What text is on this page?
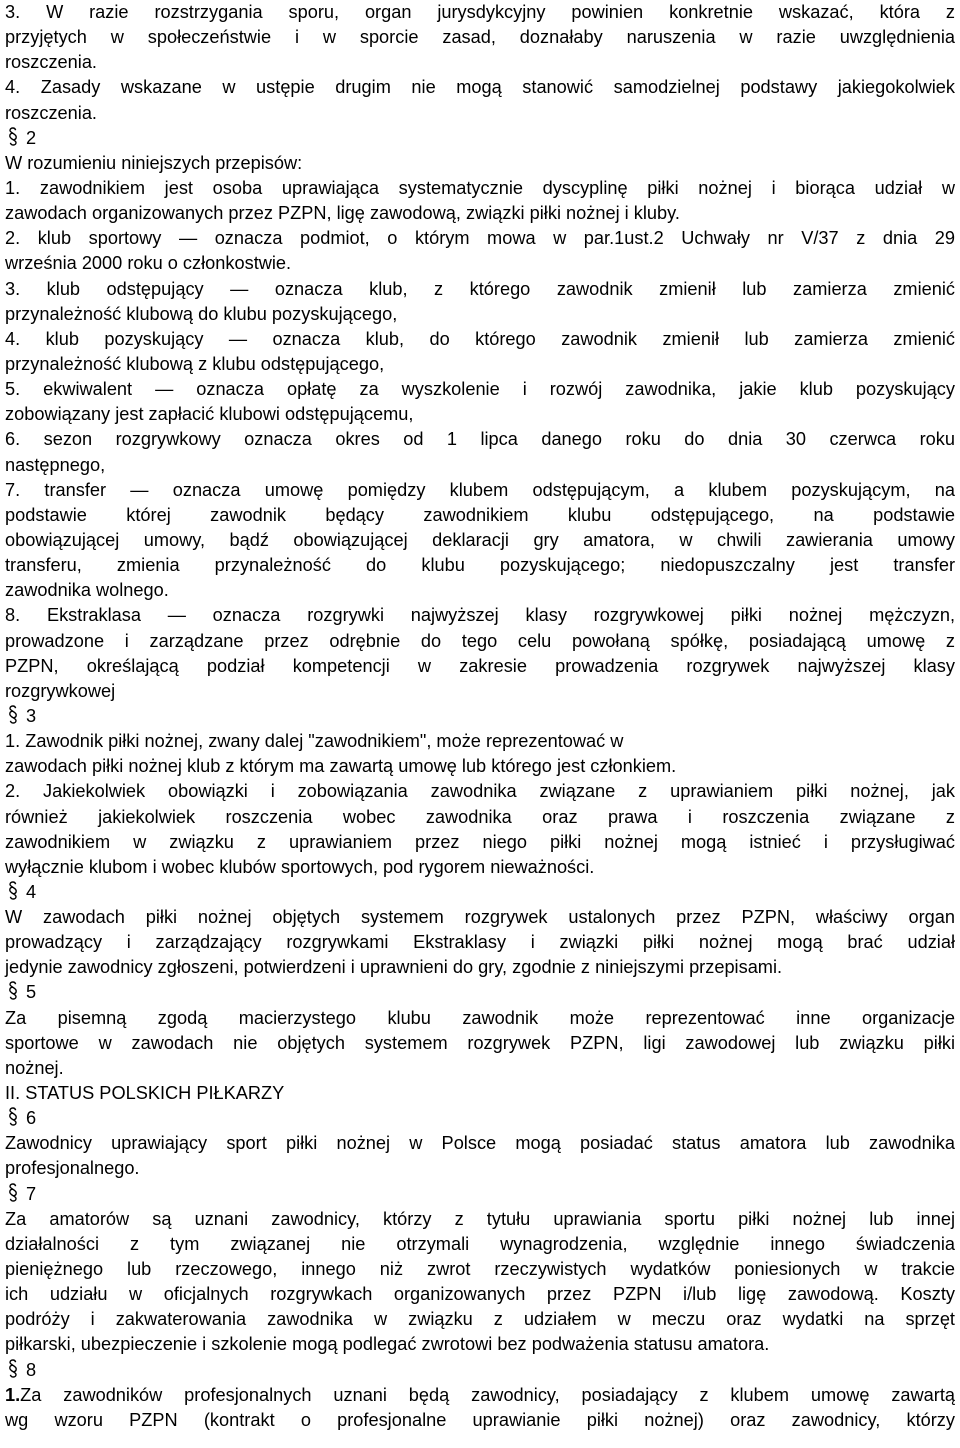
3. W razie rozstrzygania sporu, organ jurysdykcyjny powinien konkretnie wskazać, która z
przyjętych w społeczeństwie i w sporcie zasad, doznałaby naruszenia w razie uwzględnienia
roszczenia.
4. Zasady wskazane w ustępie drugim nie mogą stanowić samodzielnej podstawy jakiegokolwiek
roszczenia.
2
W rozumieniu niniejszych przepisów:
1. zawodnikiem jest osoba uprawiająca systematycznie dyscyplinę piłki nożnej i biorąca udział w
zawodach organizowanych przez PZPN, ligę zawodową, związki piłki nożnej i kluby.
2. klub sportowy — oznacza podmiot, o którym mowa w par.1ust.2 Uchwały nr V/37 z dnia 29
września 2000 roku o członkostwie.
3. klub odstępujący — oznacza klub, z którego zawodnik zmienił lub zamierza zmienić
przynależność klubową do klubu pozyskującego,
4. klub pozyskujący — oznacza klub, do którego zawodnik zmienił lub zamierza zmienić
przynależność klubową z klubu odstępującego,
5. ekwiwalent — oznacza opłatę za wyszkolenie i rozwój zawodnika, jakie klub pozyskujący
zobowiązany jest zapłacić klubowi odstępującemu,
6. sezon rozgrywkowy oznacza okres od 1 lipca danego roku do dnia 30 czerwca roku
następnego,
7. transfer — oznacza umowę pomiędzy klubem odstępującym, a klubem pozyskującym, na
podstawie której zawodnik będący zawodnikiem klubu odstępującego, na podstawie
obowiązującej umowy, bądź obowiązującej deklaracji gry amatora, w chwili zawierania umowy
transferu, zmienia przynależność do klubu pozyskującego; niedopuszczalny jest transfer
zawodnika wolnego.
8. Ekstraklasa — oznacza rozgrywki najwyższej klasy rozgrywkowej piłki nożnej mężczyzn,
prowadzone i zarządzane przez odrębnie do tego celu powołaną spółkę, posiadającą umowę z
PZPN, określającą podział kompetencji w zakresie prowadzenia rozgrywek najwyższej klasy
rozgrywkowej
3
1. Zawodnik piłki nożnej, zwany dalej "zawodnikiem", może reprezentować w
zawodach piłki nożnej klub z którym ma zawartą umowę lub którego jest członkiem.
2. Jakiekolwiek obowiązki i zobowiązania zawodnika związane z uprawianiem piłki nożnej, jak
również jakiekolwiek roszczenia wobec zawodnika oraz prawa i roszczenia związane z
zawodnikiem w związku z uprawianiem przez niego piłki nożnej mogą istnieć i przysługiwać
wyłącznie klubom i wobec klubów sportowych, pod rygorem nieważności.
4
W zawodach piłki nożnej objętych systemem rozgrywek ustalonych przez PZPN, właściwy organ
prowadzący i zarządzający rozgrywkami Ekstraklasy i związki piłki nożnej mogą brać udział
jedynie zawodnicy zgłoszeni, potwierdzeni i uprawnieni do gry, zgodnie z niniejszymi przepisami.
5
Za pisemną zgodą macierzystego klubu zawodnik może reprezentować inne organizacje
sportowe w zawodach nie objętych systemem rozgrywek PZPN, ligi zawodowej lub związku piłki
nożnej.
II. STATUS POLSKICH PIŁKARZY
6
Zawodnicy uprawiający sport piłki nożnej w Polsce mogą posiadać status amatora lub zawodnika
profesjonalnego.
7
Za amatorów są uznani zawodnicy, którzy z tytułu uprawiania sportu piłki nożnej lub innej
działalności z tym związanej nie otrzymali wynagrodzenia, względnie innego świadczenia
pieniężnego lub rzeczowego, innego niż zwrot rzeczywistych wydatków poniesionych w trakcie
ich udziału w oficjalnych rozgrywkach organizowanych przez PZPN i/lub ligę zawodową. Koszty
podróży i zakwaterowania zawodnika w związku z udziałem w meczu oraz wydatki na sprzęt
piłkarski, ubezpieczenie i szkolenie mogą podlegać zwrotowi bez podważenia statusu amatora.
8
1.Za zawodników profesjonalnych uznani będą zawodnicy, posiadający z klubem umowę zawartą
wg wzoru PZPN (kontrakt o profesjonalne uprawianie piłki nożnej) oraz zawodnicy, którzy
